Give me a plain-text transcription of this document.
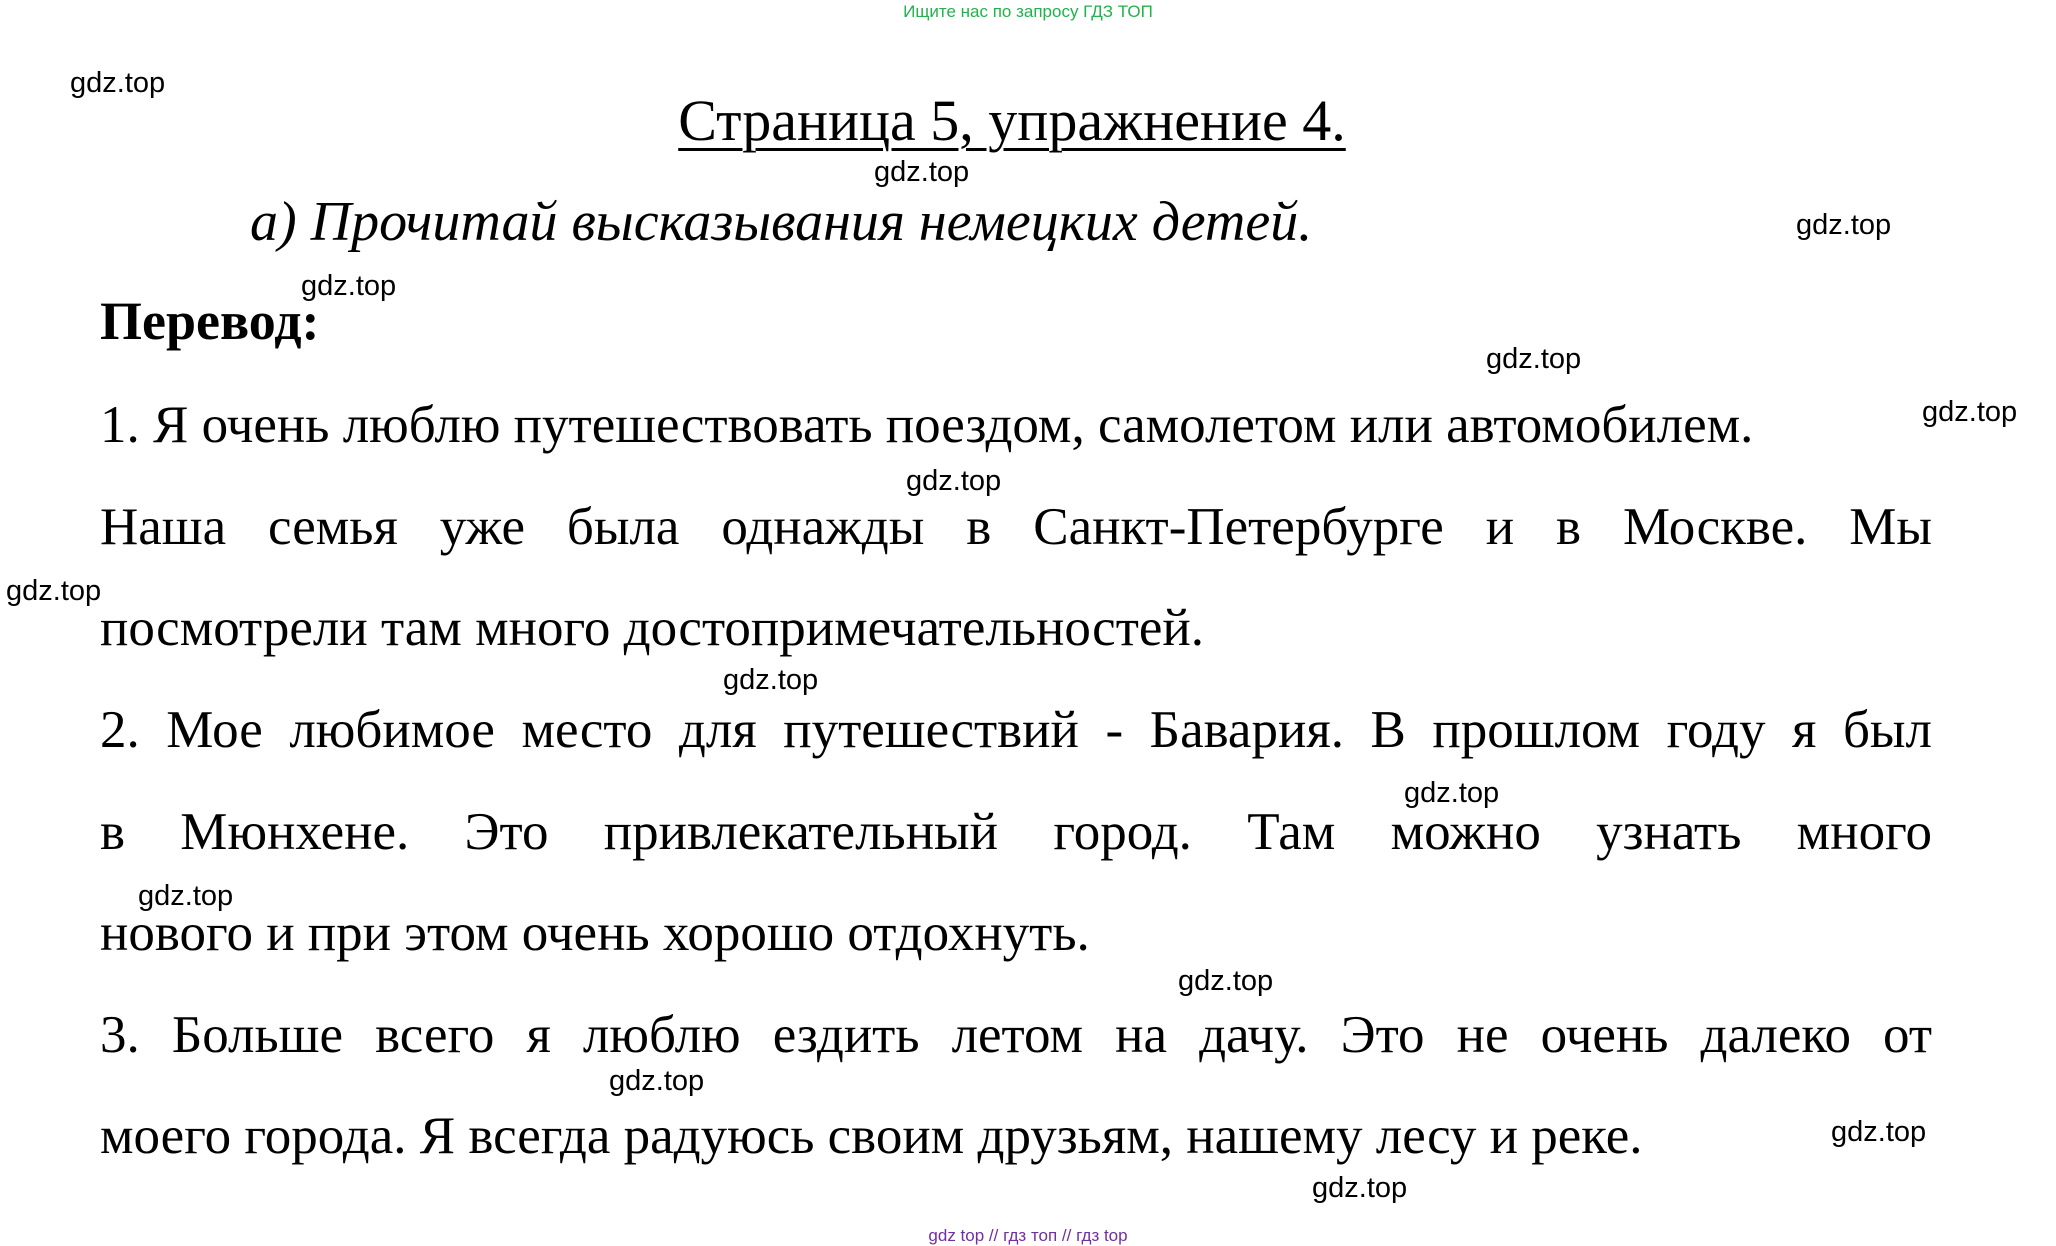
Ищите нас по запросу ГДЗ ТОП
Страница 5, упражнение 4.
a) Прочитай высказывания немецких детей.
Перевод:
1. Я очень люблю путешествовать поездом, самолетом или автомобилем.
Наша семья уже была однажды в Санкт-Петербурге и в Москве. Мы
посмотрели там много достопримечательностей.
2. Мое любимое место для путешествий - Бавария. В прошлом году я был
в Мюнхене. Это привлекательный город. Там можно узнать много
нового и при этом очень хорошо отдохнуть.
3. Больше всего я люблю ездить летом на дачу. Это не очень далеко от
моего города. Я всегда радуюсь своим друзьям, нашему лесу и реке.
gdz.top
gdz.top
gdz.top
gdz.top
gdz.top
gdz.top
gdz.top
gdz.top
gdz.top
gdz.top
gdz.top
gdz.top
gdz.top
gdz.top
gdz.top
gdz top // гдз топ // гдз top
